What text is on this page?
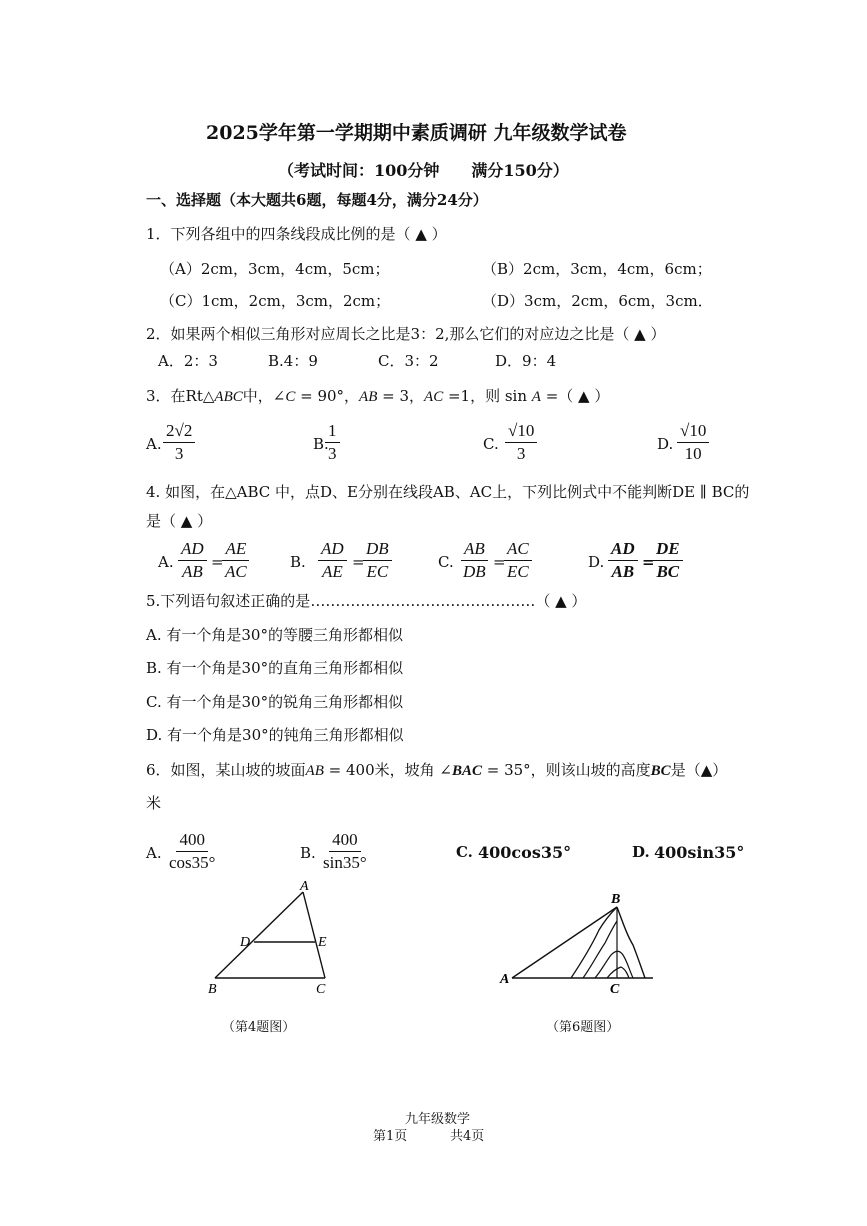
2025学年第一学期期中素质调研 九年级数学试卷
（考试时间：100分钟　　满分150分）
一、选择题（本大题共6题，每题4分，满分24分）
1．下列各组中的四条线段成比例的是（ ▲ ）
（A）2cm，3cm，4cm，5cm；	（B）2cm，3cm，4cm，6cm；
（C）1cm，2cm，3cm，2cm；	（D）3cm，2cm，6cm，3cm．
2．如果两个相似三角形对应周长之比是3：2,那么它们的对应边之比是（ ▲ ）
A．2：3	B.4：9	C．3：2	D．9：4
3．在Rt△ABC中，∠C = 90°，AB = 3，AC =1，则 sin A =（ ▲ ）
A. $\frac{2√2}{3}$	B.
$\frac{1}{3}$	C. $\frac{√10}{3}$	D. $\frac{√10}{10}$
4. 如图，在△ABC 中，点D、E分别在线段AB、AC上，下列比例式中不能判断DE ∥ BC的
是（ ▲ ）
A. $\frac{AD}{AB}$ =
$\frac{AE}{AC}$	B. $\frac{AD}{AE}$ =
$\frac{DB}{EC}$	C. $\frac{AB}{DB}$ =
$\frac{AC}{EC}$	D. $\frac{AD}{AB}$ =
$\frac{DE}{BC}$
5.下列语句叙述正确的是………………………………………（ ▲ ）
A. 有一个角是30°的等腰三角形都相似
B. 有一个角是30°的直角三角形都相似
C. 有一个角是30°的锐角三角形都相似
D. 有一个角是30°的钝角三角形都相似
6．如图，某山坡的坡面AB = 400米，坡角 ∠BAC = 35°，则该山坡的高度BC是（▲）
米
A. $\frac{400}{\cos 35^\circ}$	B. $\frac{400}{\sin 35^\circ}$	C. 400cos35°	D. 400sin35°
A
D	E
B	C
（第4题图）
B
A
C
（第6题图）
九年级数学
第1页	共4页
